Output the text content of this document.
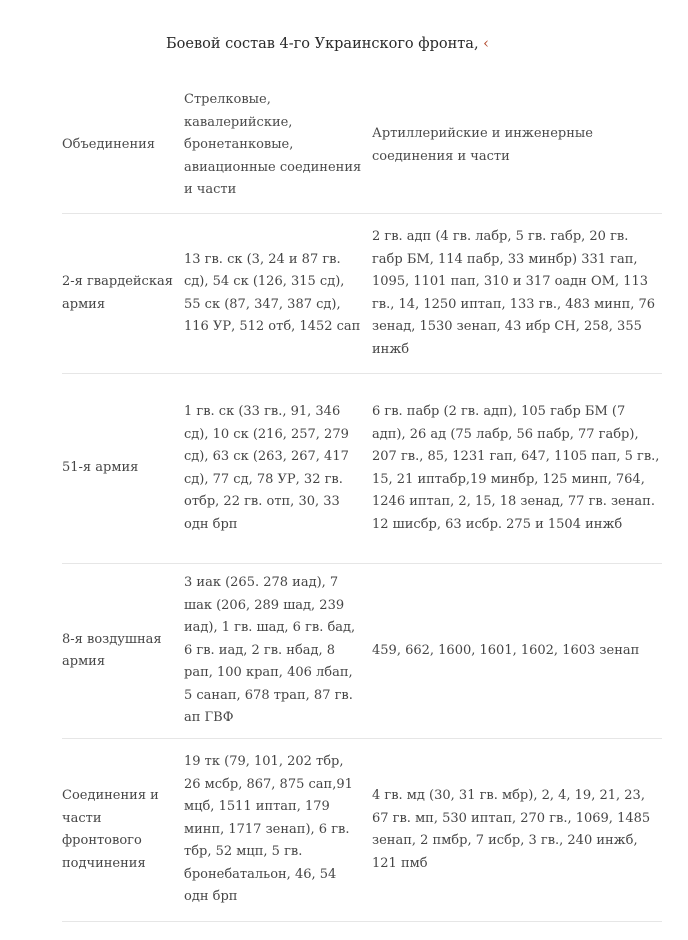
Боевой состав 4-го Украинского фронта, ‹
Объединения	Стрелковые, кавалерийские, бронетанковые, авиационные соединения и части	Артиллерийские и инженерные соединения и части
2-я гвардейская армия	13 гв. ск (3, 24 и 87 гв. сд), 54 ск (126, 315 сд), 55 ск (87, 347, 387 сд), 116 УР, 512 отб, 1452 сап	2 гв. адп (4 гв. лабр, 5 гв. габр, 20 гв. габр БМ, 114 пабр, 33 минбр) 331 гап, 1095, 1101 пап, 310 и 317 оадн ОМ, 113 гв., 14, 1250 иптап, 133 гв., 483 минп, 76 зенад, 1530 зенап, 43 ибр СН, 258, 355 инжб
51-я армия	1 гв. ск (33 гв., 91, 346 сд), 10 ск (216, 257, 279 сд), 63 ск (263, 267, 417 сд), 77 сд, 78 УР, 32 гв. отбр, 22 гв. отп, 30, 33 одн брп	6 гв. пабр (2 гв. адп), 105 габр БМ (7 адп), 26 ад (75 лабр, 56 пабр, 77 габр), 207 гв., 85, 1231 гап, 647, 1105 пап, 5 гв., 15, 21 иптабр,19 минбр, 125 минп, 764, 1246 иптап, 2, 15, 18 зенад, 77 гв. зенап. 12 шисбр, 63 исбр. 275 и 1504 инжб
8-я воздушная армия	3 иак (265. 278 иад), 7 шак (206, 289 шад, 239 иад), 1 гв. шад, 6 гв. бад, 6 гв. иад, 2 гв. нбад, 8 рап, 100 крап, 406 лбап, 5 санап, 678 трап, 87 гв. ап ГВФ	459, 662, 1600, 1601, 1602, 1603 зенап
Соединения и части фронтового подчинения	19 тк (79, 101, 202 тбр, 26 мсбр, 867, 875 сап,91 мцб, 1511 иптап, 179 минп, 1717 зенап), 6 гв. тбр, 52 мцп, 5 гв. бронебатальон, 46, 54 одн брп	4 гв. мд (30, 31 гв. мбр), 2, 4, 19, 21, 23, 67 гв. мп, 530 иптап, 270 гв., 1069, 1485 зенап, 2 пмбр, 7 исбр, 3 гв., 240 инжб, 121 пмб
